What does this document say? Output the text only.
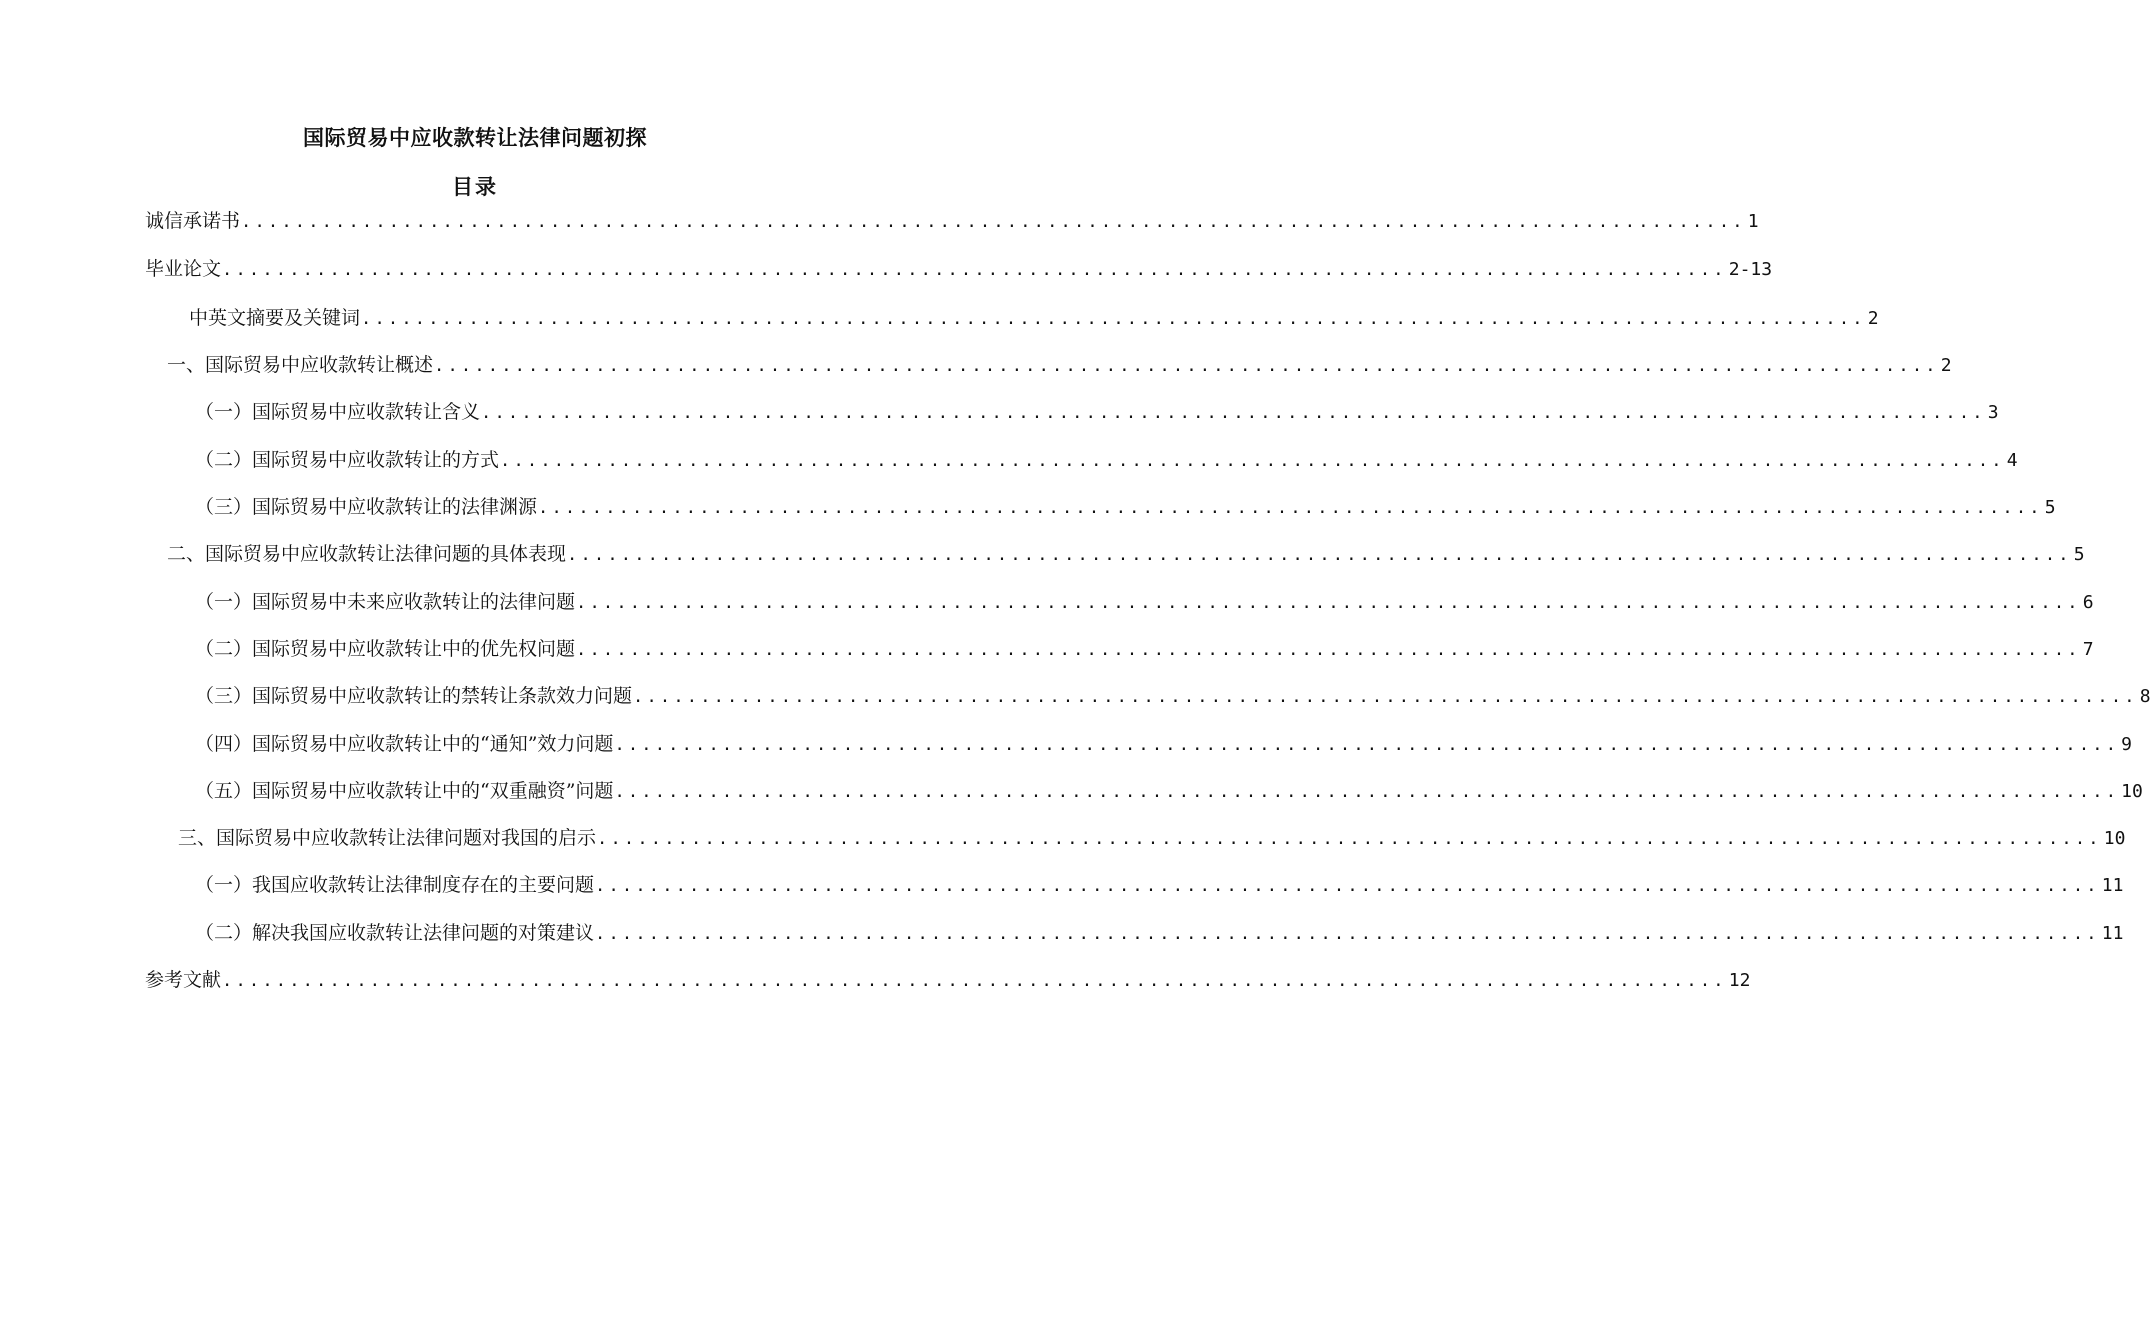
国际贸易中应收款转让法律问题初探
目录
诚信承诺书 ................................................................................................................ 1
毕业论文 ................................................................................................................ 2-13
中英文摘要及关键词 ................................................................................................................ 2
一、国际贸易中应收款转让概述 ................................................................................................................ 2
（一）国际贸易中应收款转让含义 ................................................................................................................ 3
（二）国际贸易中应收款转让的方式 ................................................................................................................ 4
（三）国际贸易中应收款转让的法律渊源 ................................................................................................................ 5
二、国际贸易中应收款转让法律问题的具体表现 ................................................................................................................ 5
（一）国际贸易中未来应收款转让的法律问题 ................................................................................................................ 6
（二）国际贸易中应收款转让中的优先权问题 ................................................................................................................ 7
（三）国际贸易中应收款转让的禁转让条款效力问题 ................................................................................................................ 8
（四）国际贸易中应收款转让中的“通知”效力问题 ................................................................................................................ 9
（五）国际贸易中应收款转让中的“双重融资”问题 ................................................................................................................ 10
三、国际贸易中应收款转让法律问题对我国的启示 ................................................................................................................ 10
（一）我国应收款转让法律制度存在的主要问题 ................................................................................................................ 11
（二）解决我国应收款转让法律问题的对策建议 ................................................................................................................ 11
参考文献 ................................................................................................................ 12
